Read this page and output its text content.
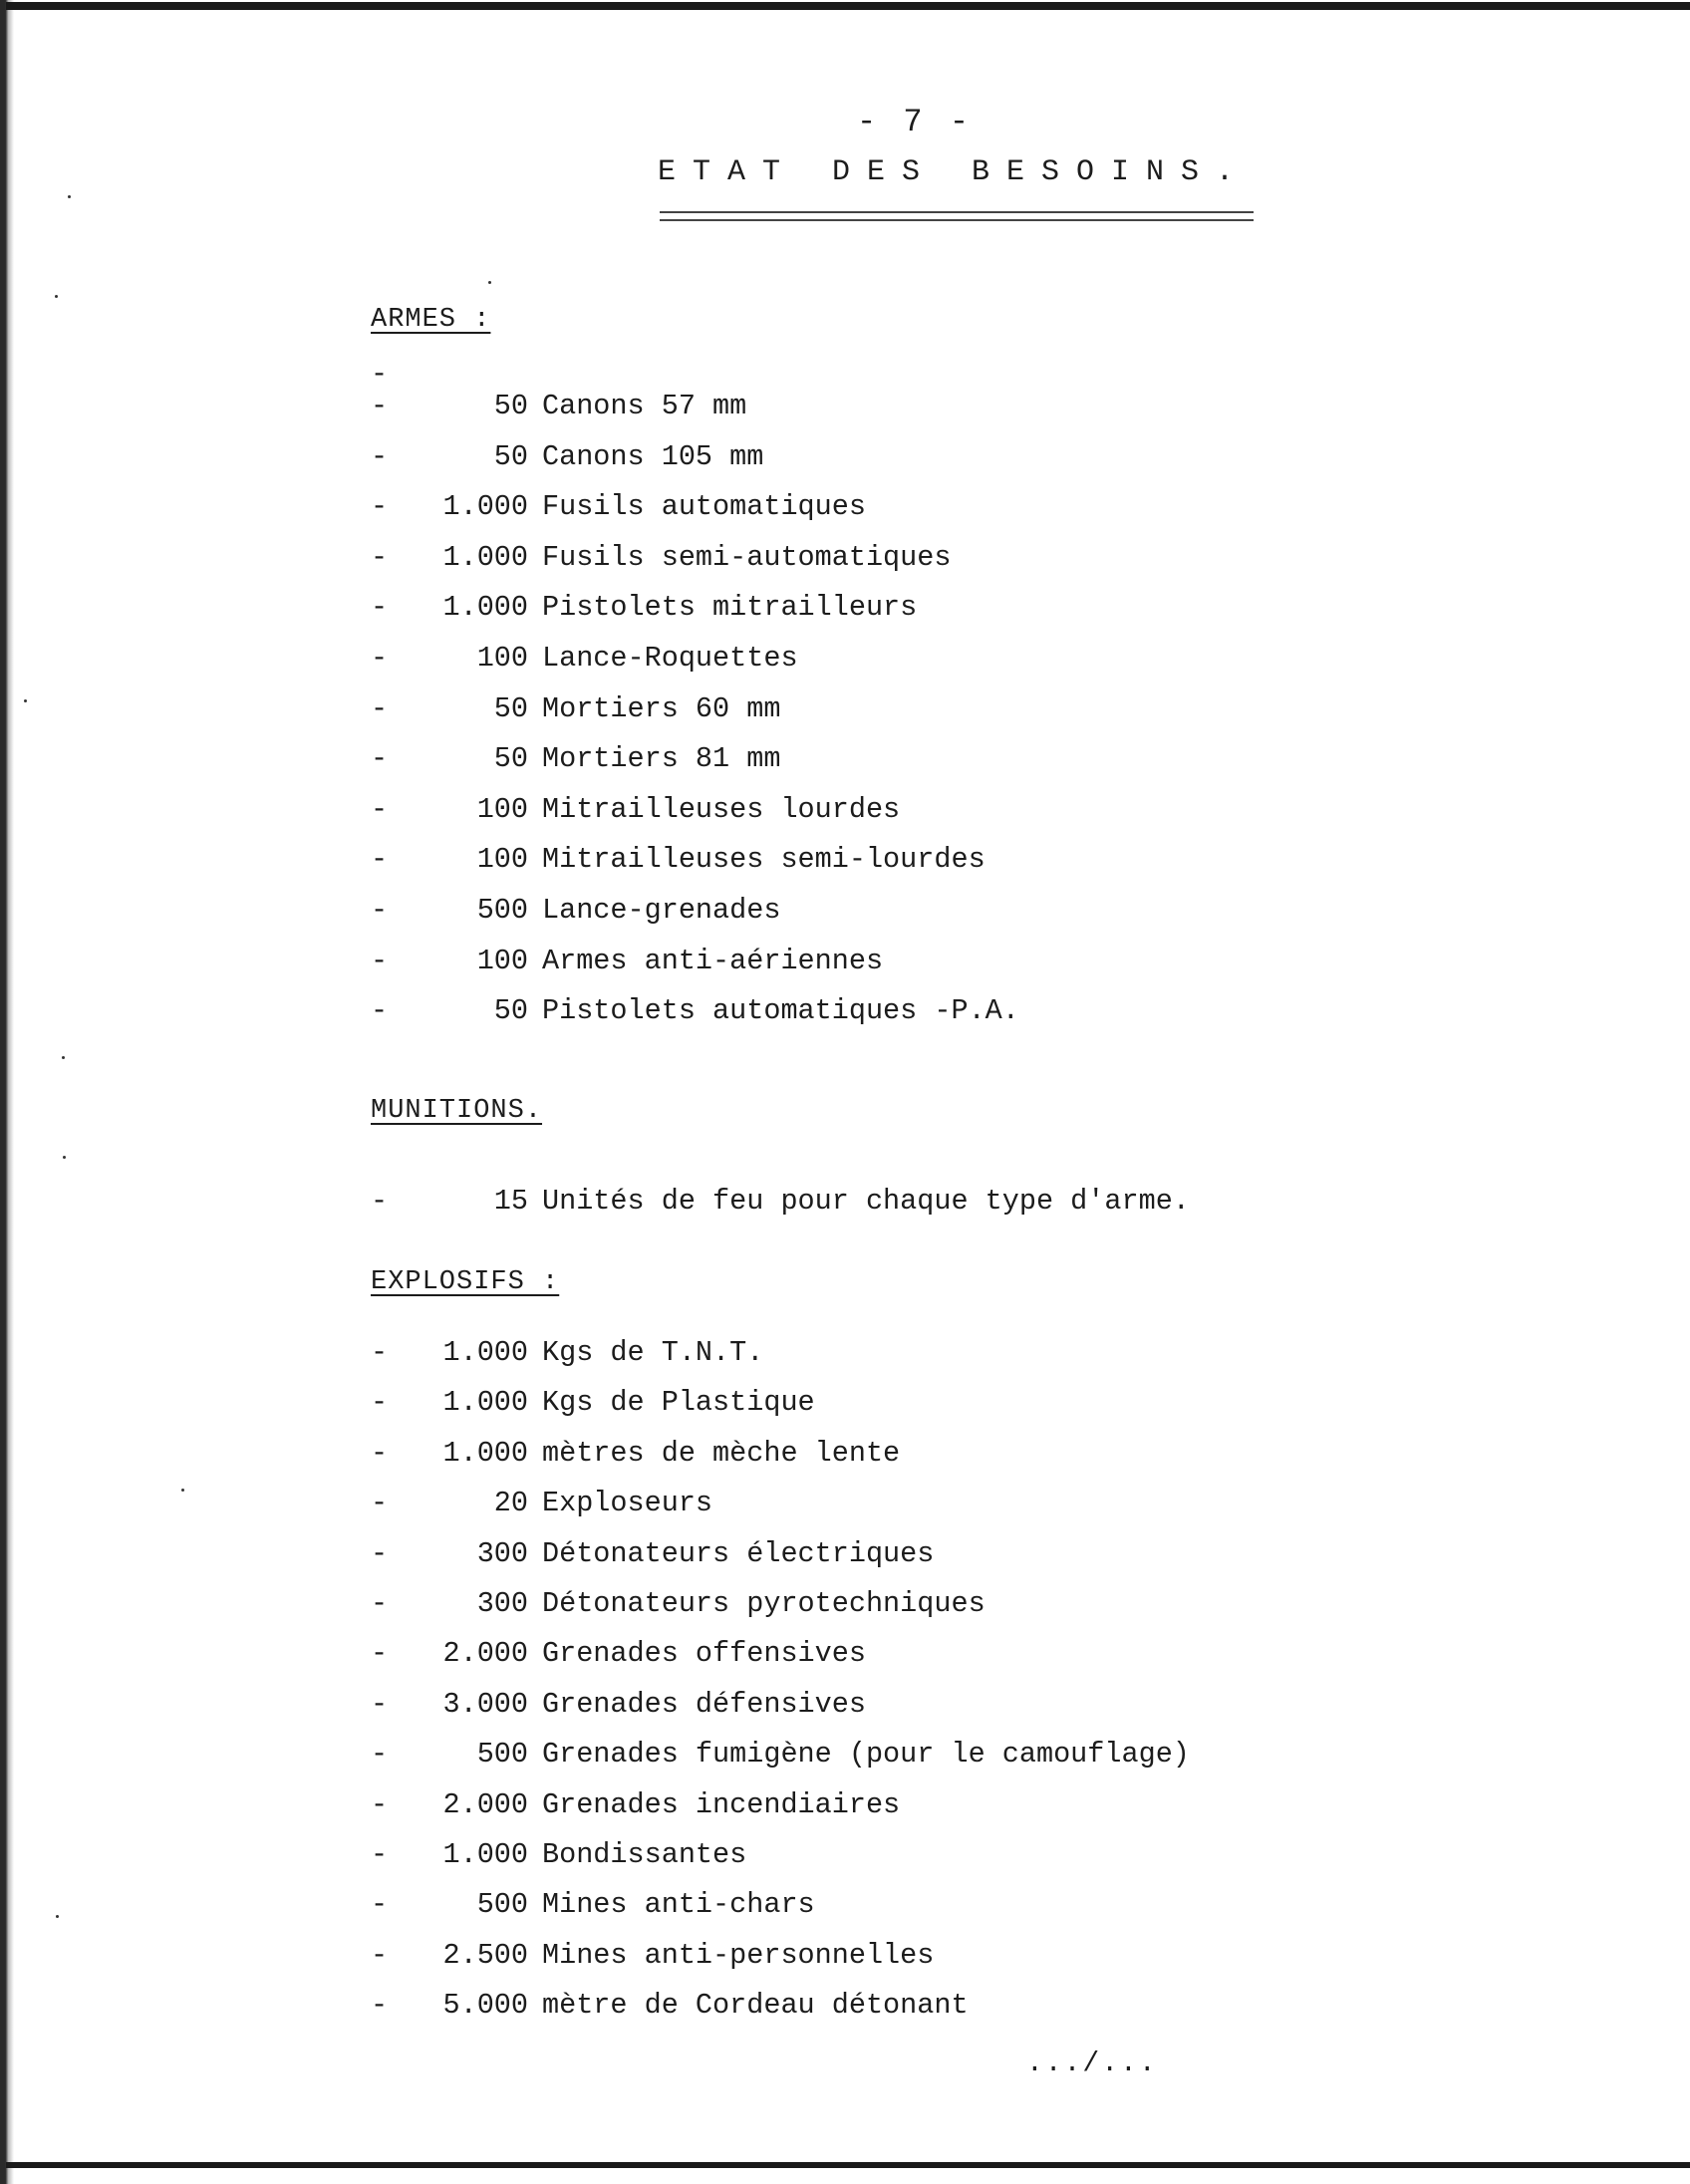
- 7 -
ETAT DES BESOINS.
ARMES :
-
-	50 Canons 57 mm
-	50 Canons 105 mm
- 1.000 Fusils automatiques
- 1.000 Fusils semi-automatiques
- 1.000 Pistolets mitrailleurs
-	100 Lance-Roquettes
-	50 Mortiers 60 mm
-	50 Mortiers 81 mm
-	100 Mitrailleuses lourdes
-	100 Mitrailleuses semi-lourdes
-	500 Lance-grenades
-	100 Armes anti-aériennes
-	50 Pistolets automatiques -P.A.
MUNITIONS.
-	15 Unités de feu pour chaque type d'arme.
EXPLOSIFS :
- 1.000 Kgs de T.N.T.
- 1.000 Kgs de Plastique
- 1.000 mètres de mèche lente
-	20 Exploseurs
-	300 Détonateurs électriques
-	300 Détonateurs pyrotechniques
- 2.000 Grenades offensives
- 3.000 Grenades défensives
-	500 Grenades fumigène (pour le camouflage)
- 2.000 Grenades incendiaires
- 1.000 Bondissantes
-	500 Mines anti-chars
- 2.500 Mines anti-personnelles
- 5.000 mètre de Cordeau détonant
.../...
